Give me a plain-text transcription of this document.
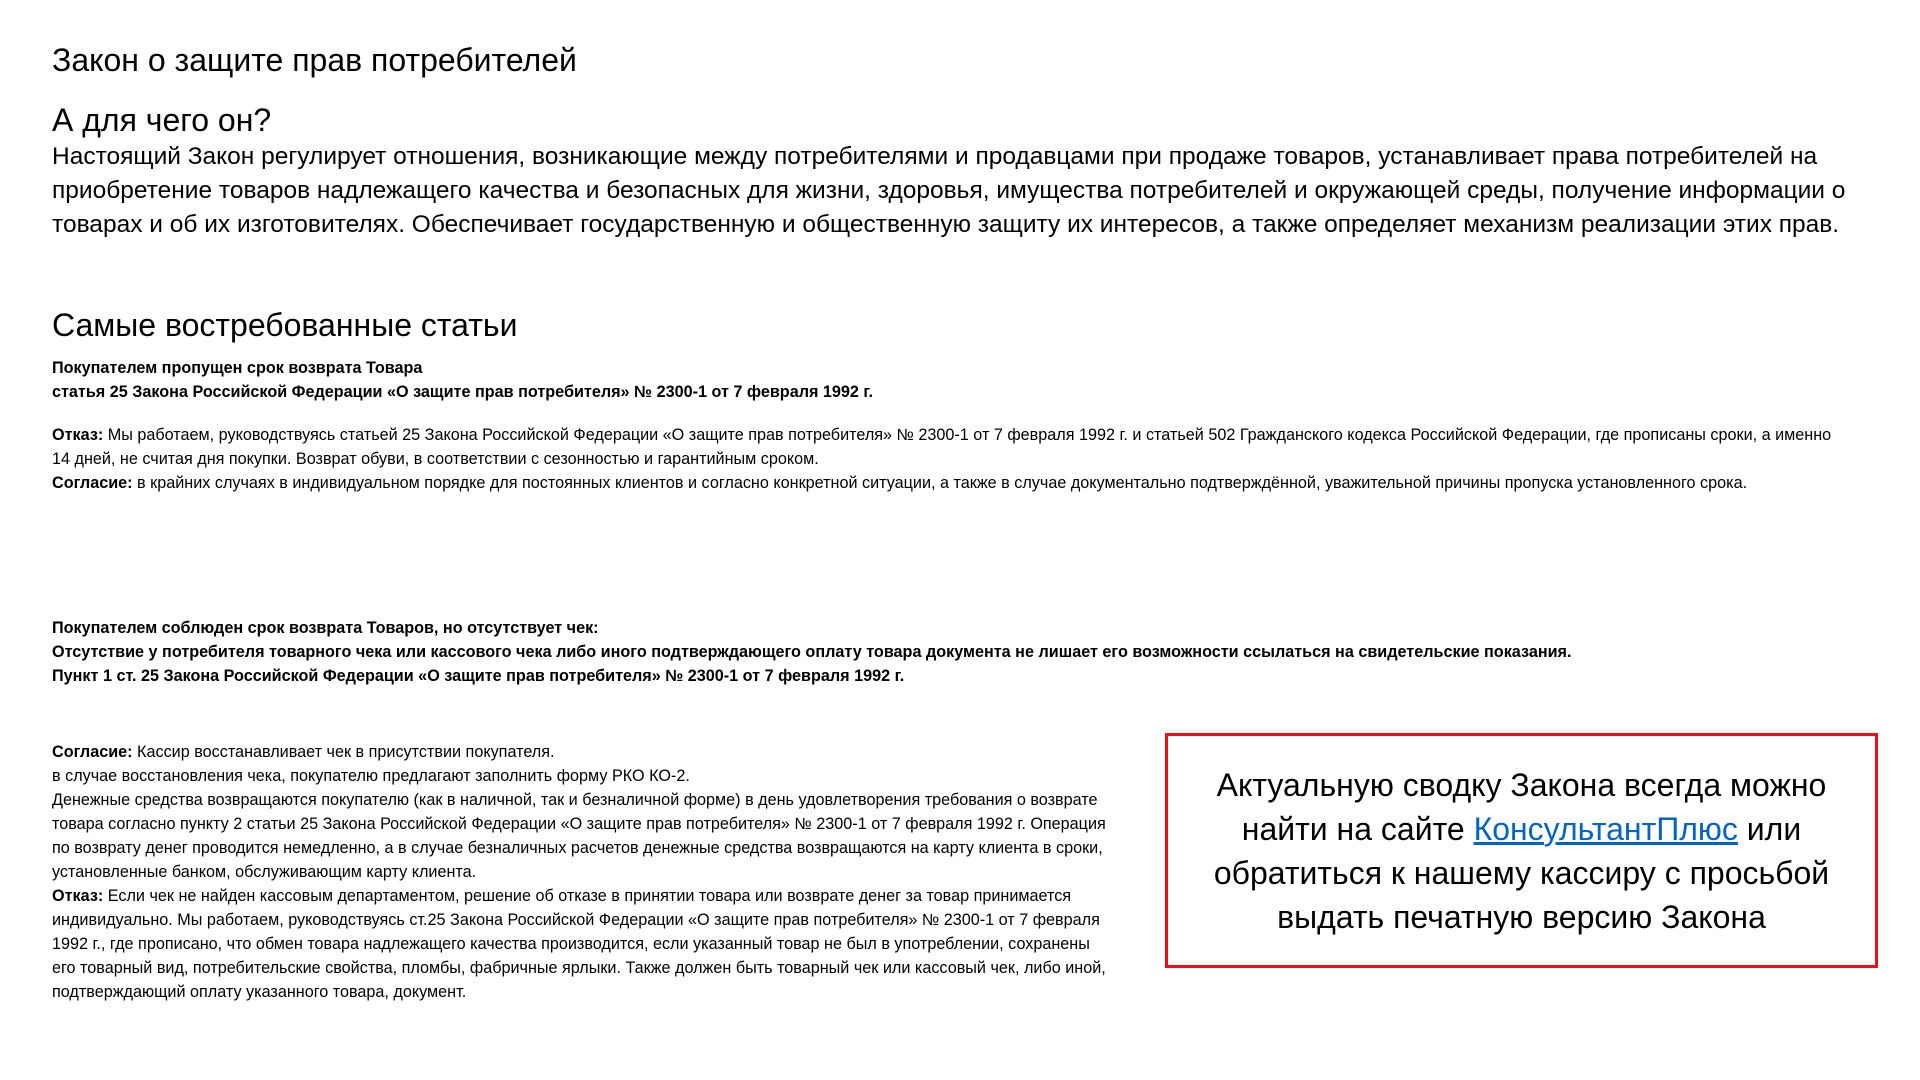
Закон о защите прав потребителей
А для чего он?

Настоящий Закон регулирует отношения, возникающие между потребителями и продавцами при продаже товаров, устанавливает права потребителей на приобретение товаров надлежащего качества и безопасных для жизни, здоровья, имущества потребителей и окружающей среды, получение информации о товарах и об их изготовителях. Обеспечивает государственную и общественную защиту их интересов, а также определяет механизм реализации этих прав.

Самые востребованные статьи

Покупателем пропущен срок возврата Товара

статья 25 Закона Российской Федерации «О защите прав потребителя» № 2300-1 от 7 февраля 1992 г.

Отказ: Мы работаем, руководствуясь статьей 25 Закона Российской Федерации «О защите прав потребителя» № 2300-1 от 7 февраля 1992 г. и статьей 502 Гражданского кодекса Российской Федерации, где прописаны сроки, а именно 14 дней, не считая дня покупки. Возврат обуви, в соответствии с сезонностью и гарантийным сроком.

Согласие: в крайних случаях в индивидуальном порядке для постоянных клиентов и согласно конкретной ситуации, а также в случае документально подтверждённой, уважительной причины пропуска установленного срока.

Покупателем соблюден срок возврата Товаров, но отсутствует чек:

Отсутствие у потребителя товарного чека или кассового чека либо иного подтверждающего оплату товара документа не лишает его возможности ссылаться на свидетельские показания.

Пункт 1 ст. 25 Закона Российской Федерации «О защите прав потребителя» № 2300-1 от 7 февраля 1992 г.

Согласие: Кассир восстанавливает чек в присутствии покупателя.

в случае восстановления чека, покупателю предлагают заполнить форму РКО КО-2.

Денежные средства возвращаются покупателю (как в наличной, так и безналичной форме) в день удовлетворения требования о возврате товара согласно пункту 2 статьи 25 Закона Российской Федерации «О защите прав потребителя» № 2300-1 от 7 февраля 1992 г. Операция по возврату денег проводится немедленно, а в случае безналичных расчетов денежные средства возвращаются на карту клиента в сроки, установленные банком, обслуживающим карту клиента.

Отказ: Если чек не найден кассовым департаментом, решение об отказе в принятии товара или возврате денег за товар принимается индивидуально. Мы работаем, руководствуясь ст.25 Закона Российской Федерации «О защите прав потребителя» № 2300-1 от 7 февраля 1992 г., где прописано, что обмен товара надлежащего качества производится, если указанный товар не был в употреблении, сохранены его товарный вид, потребительские свойства, пломбы, фабричные ярлыки. Также должен быть товарный чек или кассовый чек, либо иной, подтверждающий оплату указанного товара, документ.

Актуальную сводку Закона всегда можно найти на сайте КонсультантПлюс или обратиться к нашему кассиру с просьбой выдать печатную версию Закона
